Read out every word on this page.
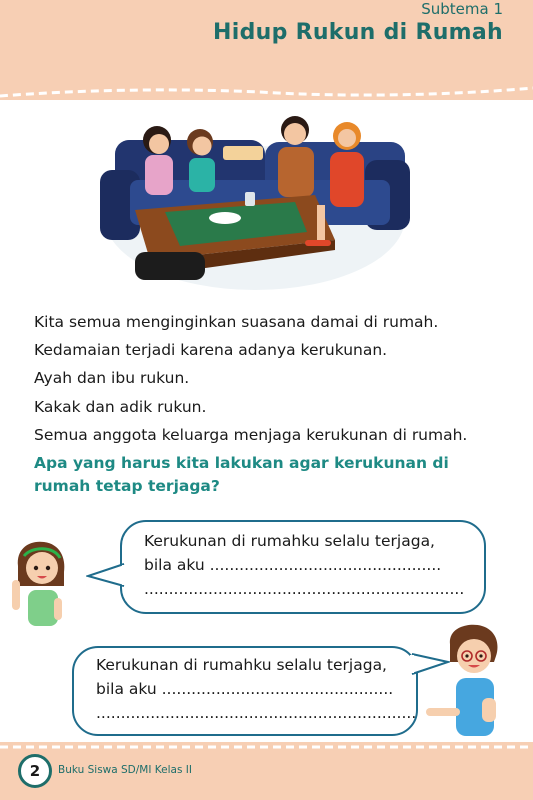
Subtema 1
Hidup Rukun di Rumah

Kita semua menginginkan suasana damai di rumah.

Kedamaian terjadi karena adanya kerukunan.

Ayah dan ibu rukun.

Kakak dan adik rukun.

Semua anggota keluarga menjaga kerukunan di rumah.

Apa yang harus kita lakukan agar kerukunan di rumah tetap terjaga?
Kerukunan di rumahku selalu terjaga,
bila aku ...............................................
.................................................................
Kerukunan di rumahku selalu terjaga,
bila aku ...............................................
.................................................................
2	Buku Siswa SD/MI Kelas II
